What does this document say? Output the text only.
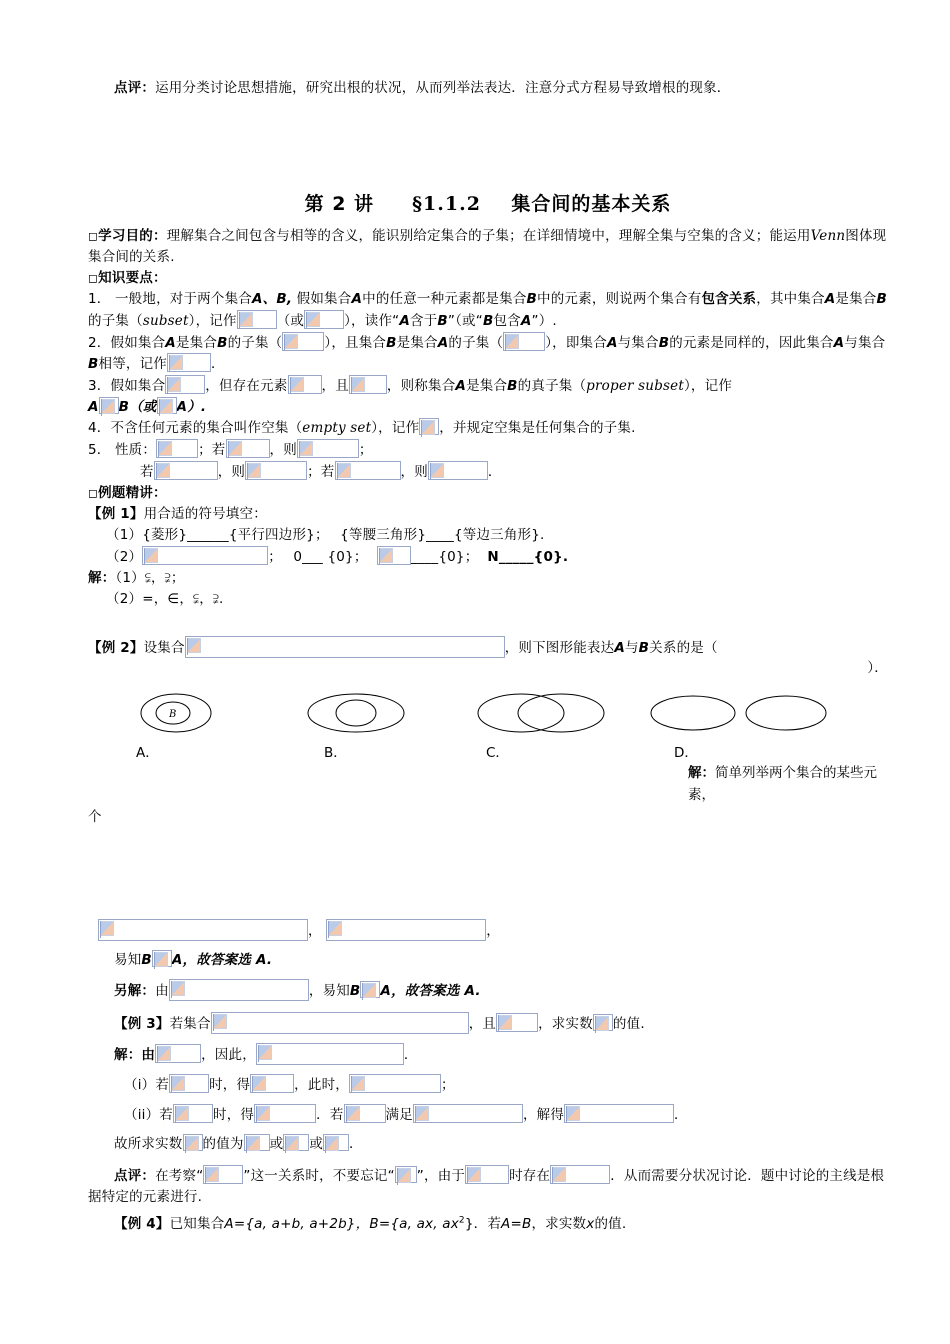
点评：运用分类讨论思想措施，研究出根的状况，从而列举法表达．注意分式方程易导致增根的现象．

第 2 讲 §1.1.2 集合间的基本关系

◻学习目的：理解集合之间包含与相等的含义，能识别给定集合的子集；在详细情境中，理解全集与空集的含义；能运用Venn图体现集合间的关系.

◻知识要点：

1． 一般地，对于两个集合A、B, 假如集合A中的任意一种元素都是集合B中的元素，则说两个集合有包含关系，其中集合A是集合B的子集（subset），记作	（或	），读作“A含于B”（或“B包含A”）.

2．假如集合A是集合B的子集（	），且集合B是集合A的子集（	），即集合A与集合B的元素是同样的，因此集合A与集合B相等，记作	．

3．假如集合	，但存在元素	，且	，则称集合A是集合B的真子集（proper subset），记作

A B（或 A）.

4．不含任何元素的集合叫作空集（empty set），记作 ，并规定空集是任何集合的子集.

5． 性质：	；若	，则	；

若	，则	；若	，则	．

◻例题精讲：

【例 1】用合适的符号填空：

（1）{菱形}______{平行四边形}；　 {等腰三角形}____{等边三角形}.

（2）	；　 0___ {0}；	____{0}； N_____{0}.

解：（1）⫋，⫌；

（2）=，∈，⫋，⫌.

【例 2】设集合	，则下图形能表达A与B关系的是（

）．

B
A．	B．	C．	D．
解：简单列举两个集合的某些元素，

个

，	，

易知B A，故答案选 A.

另解：由	，易知B A，故答案选 A.

【例 3】若集合	，且	，求实数 的值.

解：由	，因此，	．

（i）若	时，得	，此时，	；

（ii）若	时，得	．若	满足	，解得	．

故所求实数 的值为 或 或 ．

点评：在考察“	”这一关系时，不要忘记“ ”，由于	时存在	．从而需要分状况讨论．题中讨论的主线是根据特定的元素进行.

【例 4】已知集合A={a, a+b, a+2b}，B={a, ax, $ax^2$}．若A=B，求实数x的值.
